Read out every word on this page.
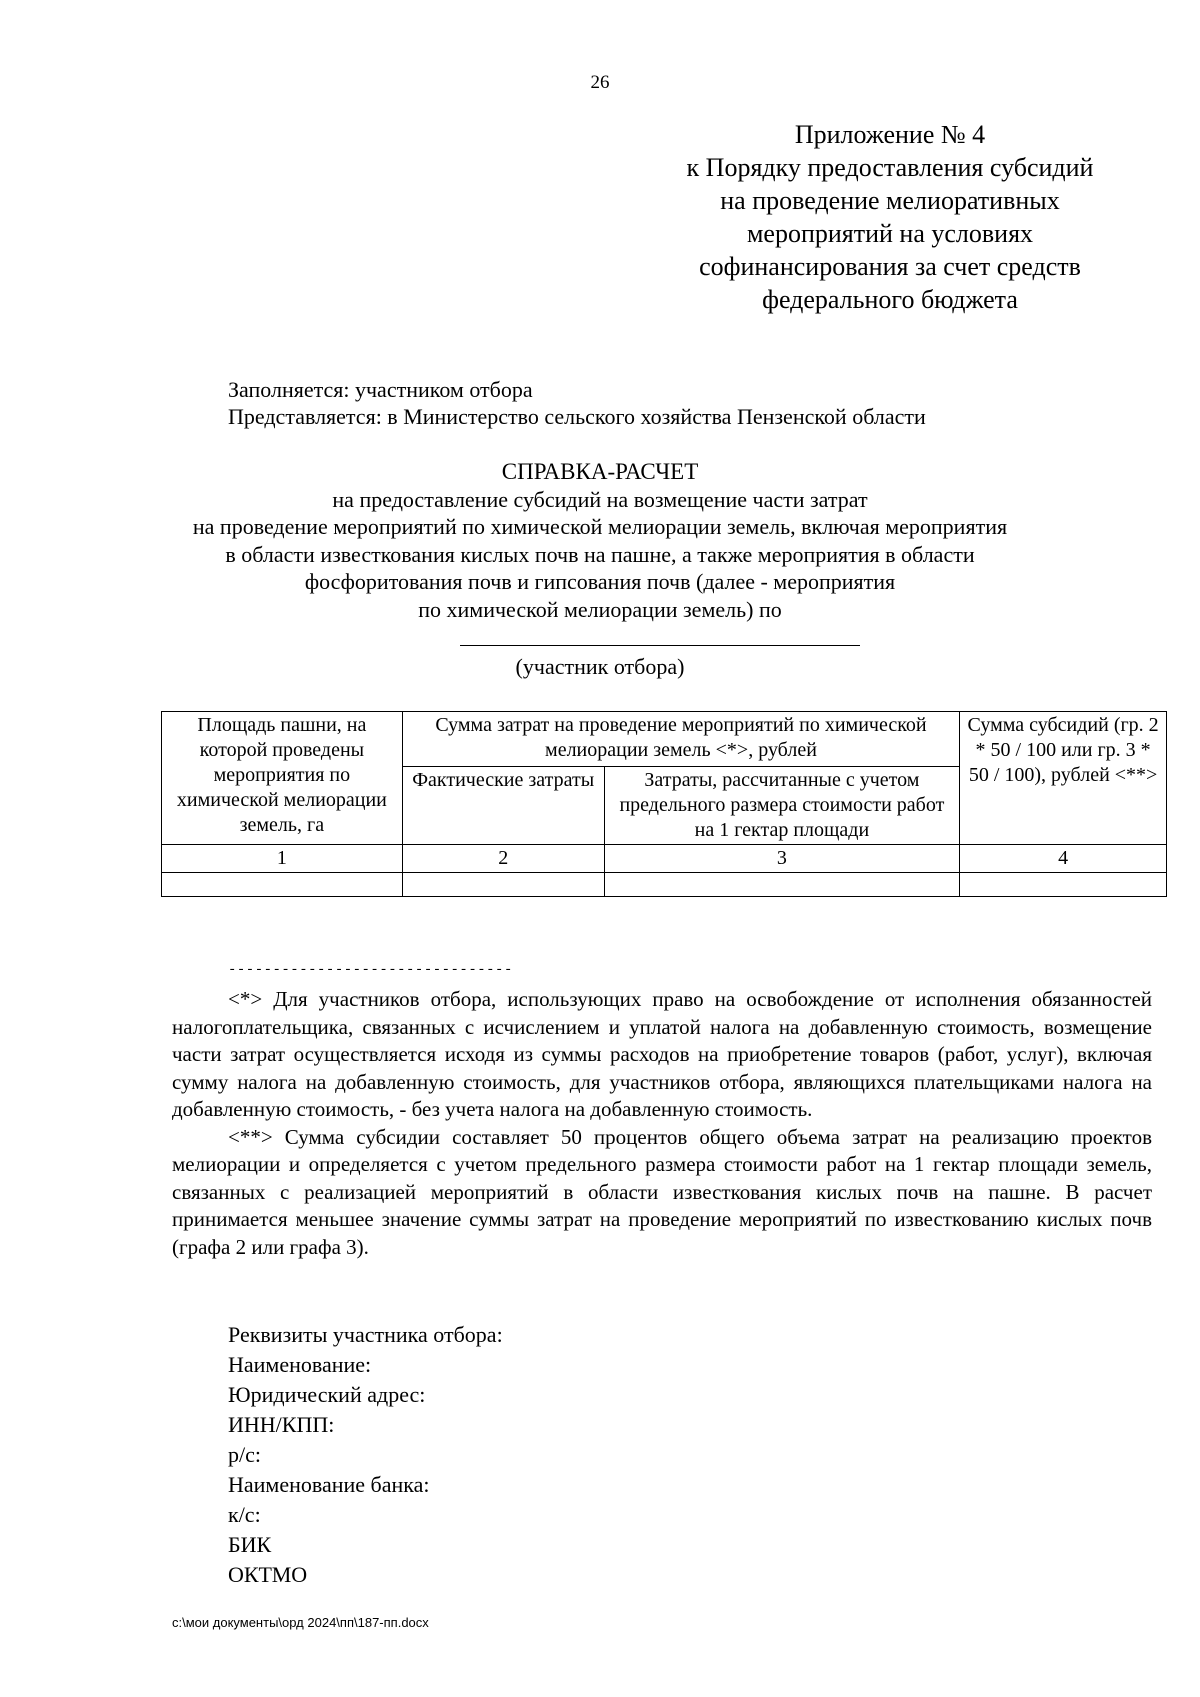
26
Приложение № 4
к Порядку предоставления субсидий
на проведение мелиоративных
мероприятий на условиях
софинансирования за счет средств
федерального бюджета
Заполняется: участником отбора
Представляется: в Министерство сельского хозяйства Пензенской области
СПРАВКА-РАСЧЕТ
на предоставление субсидий на возмещение части затрат
на проведение мероприятий по химической мелиорации земель, включая мероприятия
в области известкования кислых почв на пашне, а также мероприятия в области
фосфоритования почв и гипсования почв (далее - мероприятия
по химической мелиорации земель) по
(участник отбора)
Площадь пашни, на которой проведены мероприятия по химической мелиорации земель, га	Сумма затрат на проведение мероприятий по химической мелиорации земель <*>, рублей		Сумма субсидий (гр. 2 * 50 / 100 или гр. 3 * 50 / 100), рублей <**>
	Фактические затраты	Затраты, рассчитанные с учетом предельного размера стоимости работ на 1 гектар площади	
1	2	3	4

--------------------------------

<*> Для участников отбора, использующих право на освобождение от исполнения обязанностей налогоплательщика, связанных с исчислением и уплатой налога на добавленную стоимость, возмещение части затрат осуществляется исходя из суммы расходов на приобретение товаров (работ, услуг), включая сумму налога на добавленную стоимость, для участников отбора, являющихся плательщиками налога на добавленную стоимость, - без учета налога на добавленную стоимость.

<**> Сумма субсидии составляет 50 процентов общего объема затрат на реализацию проектов мелиорации и определяется с учетом предельного размера стоимости работ на 1 гектар площади земель, связанных с реализацией мероприятий в области известкования кислых почв на пашне. В расчет принимается меньшее значение суммы затрат на проведение мероприятий по известкованию кислых почв (графа 2 или графа 3).

Реквизиты участника отбора:
Наименование:
Юридический адрес:
ИНН/КПП:
р/с:
Наименование банка:
к/с:
БИК
ОКТМО
c:\мои документы\орд 2024\пп\187-пп.docx
